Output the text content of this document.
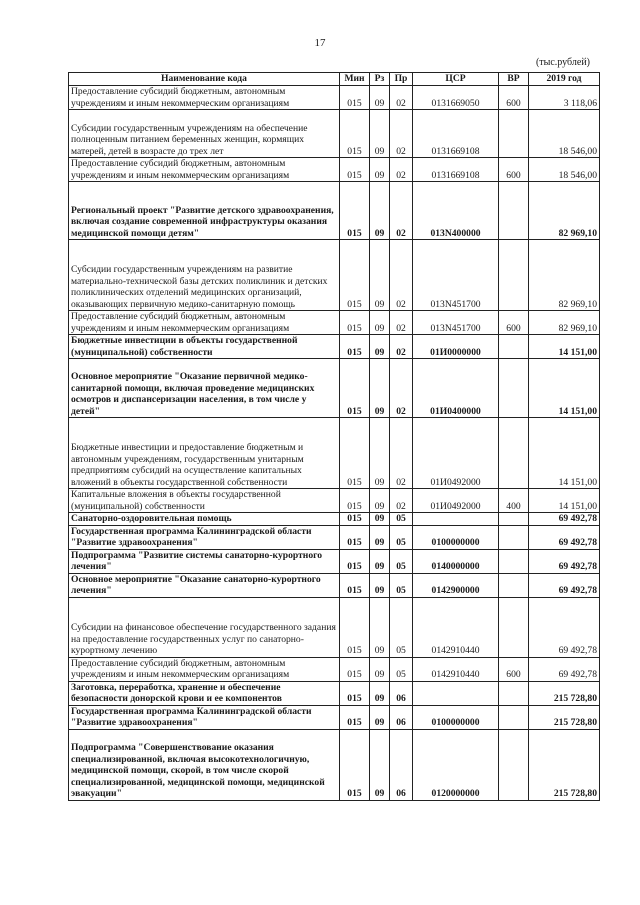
17
(тыс.рублей)
Наименование кода	Мин	Рз	Пр	ЦСР	ВР	2019 год
Предоставление субсидий бюджетным, автономным учреждениям и иным некоммерческим организациям	015	09	02	0131669050	600	3 118,06
Субсидии государственным учреждениям на обеспечение полноценным питанием беременных женщин, кормящих матерей, детей в возрасте до трех лет	015	09	02	0131669108		18 546,00
Предоставление субсидий бюджетным, автономным учреждениям и иным некоммерческим организациям	015	09	02	0131669108	600	18 546,00
Региональный проект "Развитие детского здравоохранения, включая создание современной инфраструктуры оказания медицинской помощи детям"	015	09	02	013N400000		82 969,10
Субсидии государственным учреждениям на развитие материально-технической базы детских поликлиник и детских поликлинических отделений медицинских организаций, оказывающих первичную медико-санитарную помощь	015	09	02	013N451700		82 969,10
Предоставление субсидий бюджетным, автономным учреждениям и иным некоммерческим организациям	015	09	02	013N451700	600	82 969,10
Бюджетные инвестиции в объекты государственной (муниципальной) собственности	015	09	02	01И0000000		14 151,00
Основное мероприятие "Оказание первичной медико-санитарной помощи, включая проведение медицинских осмотров и диспансеризации населения, в том числе у детей"	015	09	02	01И0400000		14 151,00
Бюджетные инвестиции и предоставление бюджетным и автономным учреждениям, государственным унитарным предприятиям субсидий на осуществление капитальных вложений в объекты государственной собственности	015	09	02	01И0492000		14 151,00
Капитальные вложения в объекты государственной (муниципальной) собственности	015	09	02	01И0492000	400	14 151,00
Санаторно-оздоровительная помощь	015	09	05			69 492,78
Государственная программа Калининградской области "Развитие здравоохранения"	015	09	05	0100000000		69 492,78
Подпрограмма "Развитие системы санаторно-курортного лечения"	015	09	05	0140000000		69 492,78
Основное мероприятие "Оказание санаторно-курортного лечения"	015	09	05	0142900000		69 492,78
Субсидии на финансовое обеспечение государственного задания на предоставление государственных услуг по санаторно-курортному лечению	015	09	05	0142910440		69 492,78
Предоставление субсидий бюджетным, автономным учреждениям и иным некоммерческим организациям	015	09	05	0142910440	600	69 492,78
Заготовка, переработка, хранение и обеспечение безопасности донорской крови и ее компонентов	015	09	06			215 728,80
Государственная программа Калининградской области "Развитие здравоохранения"	015	09	06	0100000000		215 728,80
Подпрограмма "Совершенствование оказания специализированной, включая высокотехнологичную, медицинской помощи, скорой, в том числе скорой специализированной, медицинской помощи, медицинской эвакуации"	015	09	06	0120000000		215 728,80
